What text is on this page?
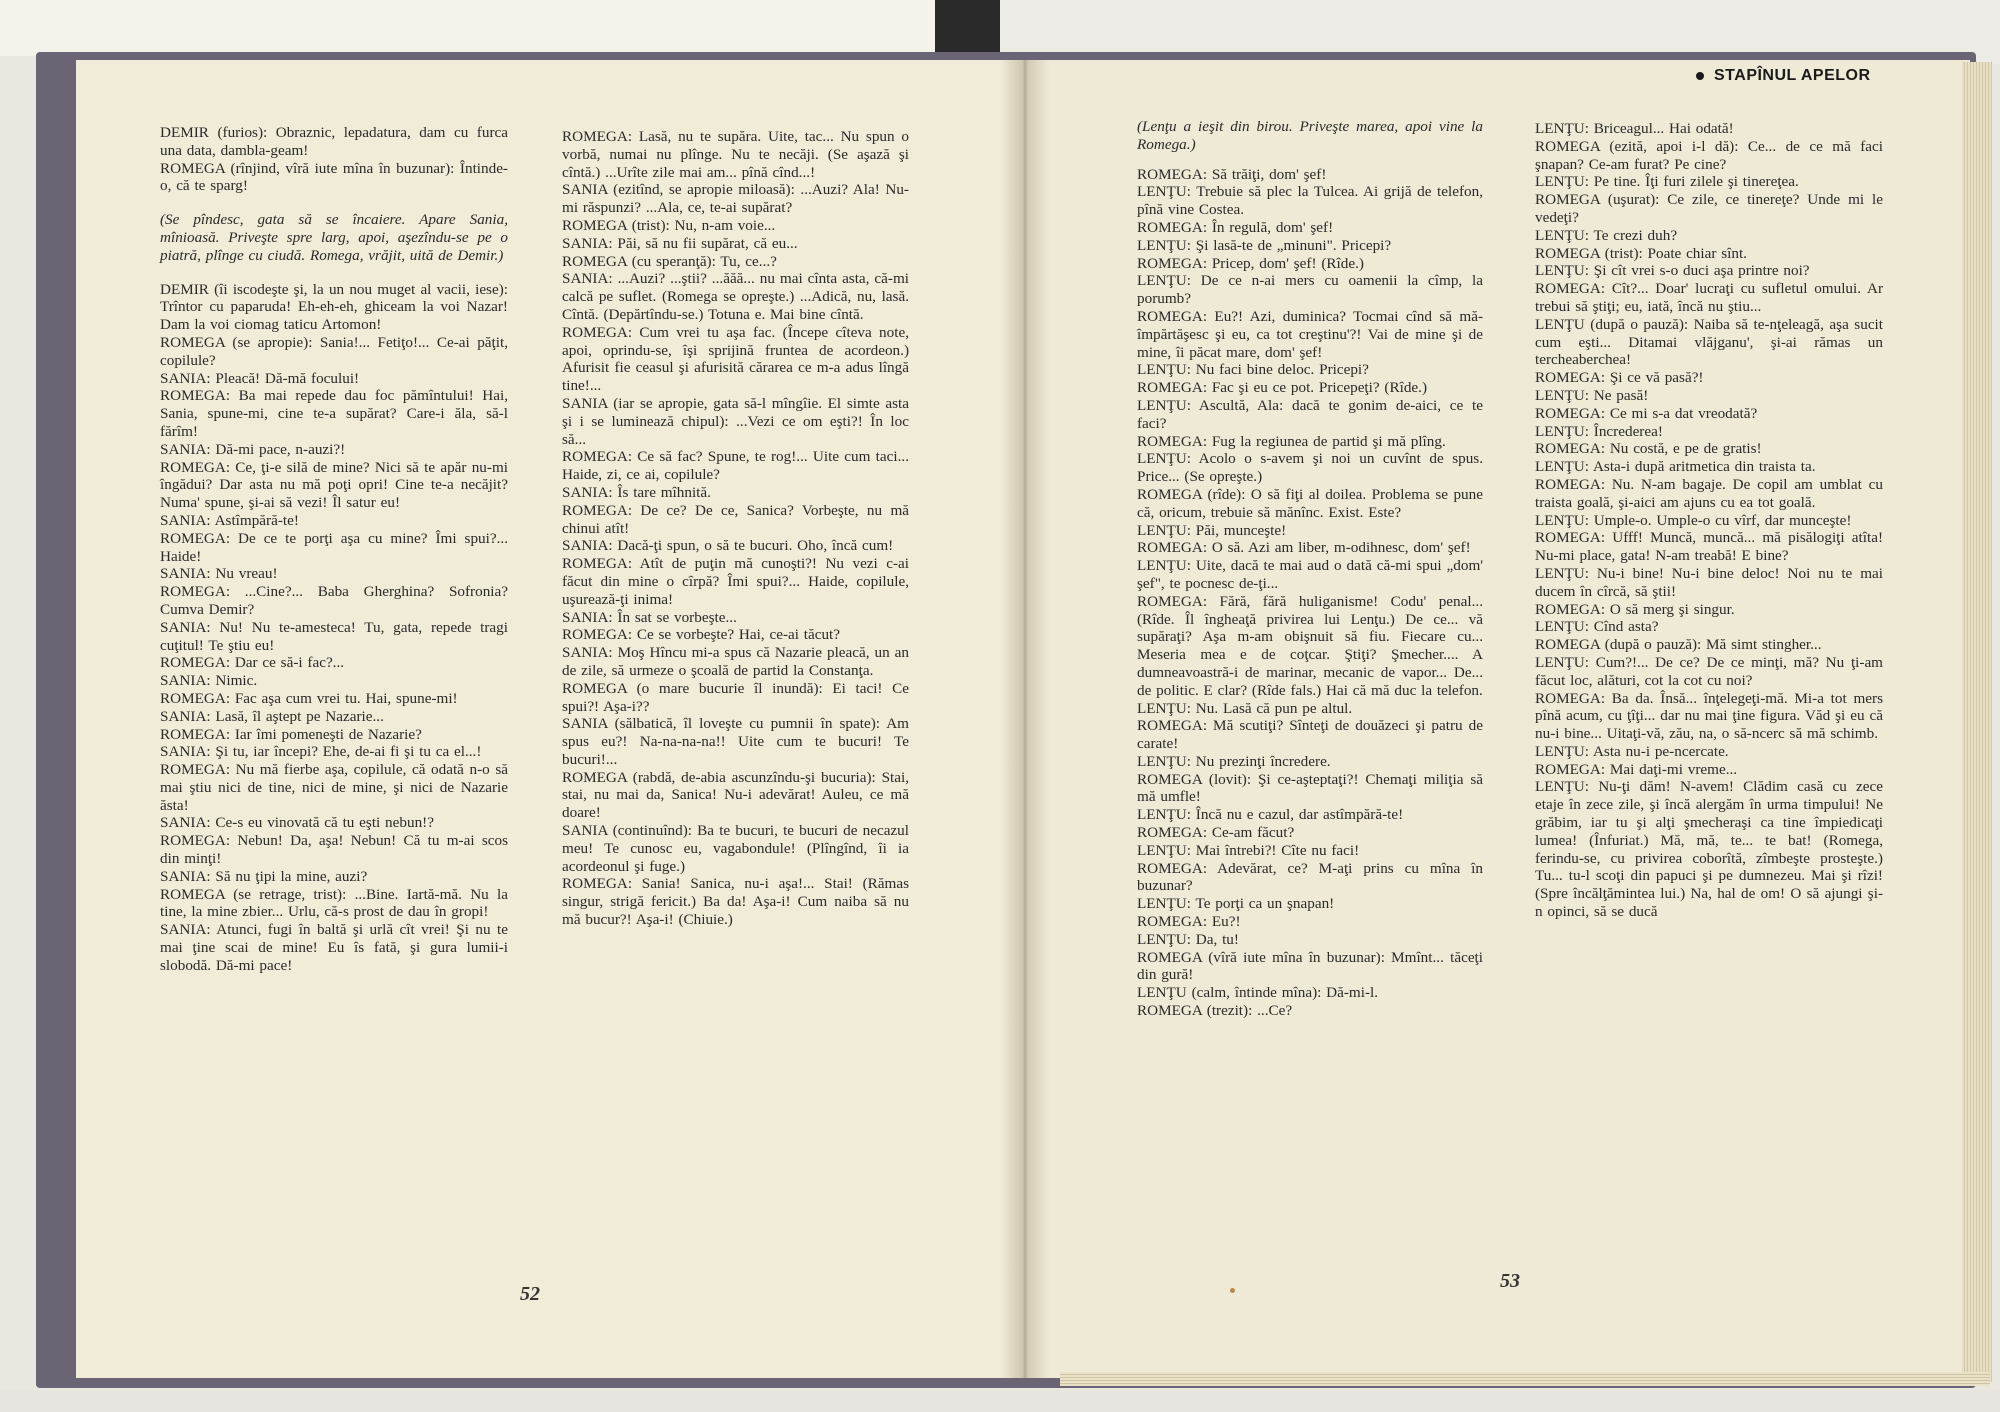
STAPÎNUL APELOR

DEMIR (furios): Obraznic, lepadatura, dam cu furca una data, dambla-geam!

ROMEGA (rînjind, vîră iute mîna în buzunar): Întinde-o, că te sparg!

(Se pîndesc, gata să se încaiere. Apare Sania, mînioasă. Priveşte spre larg, apoi, aşezîndu-se pe o piatră, plînge cu ciudă. Romega, vrăjit, uită de Demir.)

DEMIR (îi iscodeşte şi, la un nou muget al vacii, iese): Trîntor cu paparuda! Eh-eh-eh, ghiceam la voi Nazar! Dam la voi ciomag taticu Artomon!

ROMEGA (se apropie): Sania!... Fetiţo!... Ce-ai păţit, copilule?

SANIA: Pleacă! Dă-mă focului!

ROMEGA: Ba mai repede dau foc pămîntului! Hai, Sania, spune-mi, cine te-a supărat? Care-i ăla, să-l fărîm!

SANIA: Dă-mi pace, n-auzi?!

ROMEGA: Ce, ţi-e silă de mine? Nici să te apăr nu-mi îngădui? Dar asta nu mă poţi opri! Cine te-a necăjit? Numa' spune, şi-ai să vezi! Îl satur eu!

SANIA: Astîmpără-te!

ROMEGA: De ce te porţi aşa cu mine? Îmi spui?... Haide!

SANIA: Nu vreau!

ROMEGA: ...Cine?... Baba Gherghina? Sofronia? Cumva Demir?

SANIA: Nu! Nu te-amesteca! Tu, gata, repede tragi cuţitul! Te ştiu eu!

ROMEGA: Dar ce să-i fac?...

SANIA: Nimic.

ROMEGA: Fac aşa cum vrei tu. Hai, spune-mi!

SANIA: Lasă, îl aştept pe Nazarie...

ROMEGA: Iar îmi pomeneşti de Nazarie?

SANIA: Şi tu, iar începi? Ehe, de-ai fi şi tu ca el...!

ROMEGA: Nu mă fierbe aşa, copilule, că odată n-o să mai ştiu nici de tine, nici de mine, şi nici de Nazarie ăsta!

SANIA: Ce-s eu vinovată că tu eşti nebun!?

ROMEGA: Nebun! Da, aşa! Nebun! Că tu m-ai scos din minţi!

SANIA: Să nu ţipi la mine, auzi?

ROMEGA (se retrage, trist): ...Bine. Iartă-mă. Nu la tine, la mine zbier... Urlu, că-s prost de dau în gropi!

SANIA: Atunci, fugi în baltă şi urlă cît vrei! Şi nu te mai ţine scai de mine! Eu îs fată, şi gura lumii-i slobodă. Dă-mi pace!

ROMEGA: Lasă, nu te supăra. Uite, tac... Nu spun o vorbă, numai nu plînge. Nu te necăji. (Se aşază şi cîntă.) ...Urîte zile mai am... pînă cînd...!

SANIA (ezitînd, se apropie miloasă): ...Auzi? Ala! Nu-mi răspunzi? ...Ala, ce, te-ai supărat?

ROMEGA (trist): Nu, n-am voie...

SANIA: Păi, să nu fii supărat, că eu...

ROMEGA (cu speranţă): Tu, ce...?

SANIA: ...Auzi? ...ştii? ...ăăă... nu mai cînta asta, că-mi calcă pe suflet. (Romega se opreşte.) ...Adică, nu, lasă. Cîntă. (Depărtîndu-se.) Totuna e. Mai bine cîntă.

ROMEGA: Cum vrei tu aşa fac. (Începe cîteva note, apoi, oprindu-se, îşi sprijină fruntea de acordeon.) Afurisit fie ceasul şi afurisită cărarea ce m-a adus lîngă tine!...

SANIA (iar se apropie, gata să-l mîngîie. El simte asta şi i se luminează chipul): ...Vezi ce om eşti?! În loc să...

ROMEGA: Ce să fac? Spune, te rog!... Uite cum taci... Haide, zi, ce ai, copilule?

SANIA: Îs tare mîhnită.

ROMEGA: De ce? De ce, Sanica? Vorbeşte, nu mă chinui atît!

SANIA: Dacă-ţi spun, o să te bucuri. Oho, încă cum!

ROMEGA: Atît de puţin mă cunoşti?! Nu vezi c-ai făcut din mine o cîrpă? Îmi spui?... Haide, copilule, uşurează-ţi inima!

SANIA: În sat se vorbeşte...

ROMEGA: Ce se vorbeşte? Hai, ce-ai tăcut?

SANIA: Moş Hîncu mi-a spus că Nazarie pleacă, un an de zile, să urmeze o şcoală de partid la Constanţa.

ROMEGA (o mare bucurie îl inundă): Ei taci! Ce spui?! Aşa-i??

SANIA (sălbatică, îl loveşte cu pumnii în spate): Am spus eu?! Na-na-na-na!! Uite cum te bucuri! Te bucuri!...

ROMEGA (rabdă, de-abia ascunzîndu-şi bucuria): Stai, stai, nu mai da, Sanica! Nu-i adevărat! Auleu, ce mă doare!

SANIA (continuînd): Ba te bucuri, te bucuri de necazul meu! Te cunosc eu, vagabondule! (Plîngînd, îi ia acordeonul şi fuge.)

ROMEGA: Sania! Sanica, nu-i aşa!... Stai! (Rămas singur, strigă fericit.) Ba da! Aşa-i! Cum naiba să nu mă bucur?! Aşa-i! (Chiuie.)

(Lenţu a ieşit din birou. Priveşte marea, apoi vine la Romega.)

ROMEGA: Să trăiţi, dom' şef!

LENŢU: Trebuie să plec la Tulcea. Ai grijă de telefon, pînă vine Costea.

ROMEGA: În regulă, dom' şef!

LENŢU: Şi lasă-te de „minuni". Pricepi?

ROMEGA: Pricep, dom' şef! (Rîde.)

LENŢU: De ce n-ai mers cu oamenii la cîmp, la porumb?

ROMEGA: Eu?! Azi, duminica? Tocmai cînd să mă-împărtăşesc şi eu, ca tot creştinu'?! Vai de mine şi de mine, îi păcat mare, dom' şef!

LENŢU: Nu faci bine deloc. Pricepi?

ROMEGA: Fac şi eu ce pot. Pricepeţi? (Rîde.)

LENŢU: Ascultă, Ala: dacă te gonim de-aici, ce te faci?

ROMEGA: Fug la regiunea de partid şi mă plîng.

LENŢU: Acolo o s-avem şi noi un cuvînt de spus. Price... (Se opreşte.)

ROMEGA (rîde): O să fiţi al doilea. Problema se pune că, oricum, trebuie să mănînc. Exist. Este?

LENŢU: Păi, munceşte!

ROMEGA: O să. Azi am liber, m-odihnesc, dom' şef!

LENŢU: Uite, dacă te mai aud o dată că-mi spui „dom' şef", te pocnesc de-ţi...

ROMEGA: Fără, fără huliganisme! Codu' penal... (Rîde. Îl îngheaţă privirea lui Lenţu.) De ce... vă supăraţi? Aşa m-am obişnuit să fiu. Fiecare cu... Meseria mea e de coţcar. Ştiţi? Şmecher.... A dumneavoastră-i de marinar, mecanic de vapor... De... de politic. E clar? (Rîde fals.) Hai că mă duc la telefon.

LENŢU: Nu. Lasă că pun pe altul.

ROMEGA: Mă scutiţi? Sînteţi de douăzeci şi patru de carate!

LENŢU: Nu prezinţi încredere.

ROMEGA (lovit): Şi ce-aşteptaţi?! Chemaţi miliţia să mă umfle!

LENŢU: Încă nu e cazul, dar astîmpără-te!

ROMEGA: Ce-am făcut?

LENŢU: Mai întrebi?! Cîte nu faci!

ROMEGA: Adevărat, ce? M-aţi prins cu mîna în buzunar?

LENŢU: Te porţi ca un şnapan!

ROMEGA: Eu?!

LENŢU: Da, tu!

ROMEGA (vîră iute mîna în buzunar): Mmînt... tăceţi din gură!

LENŢU (calm, întinde mîna): Dă-mi-l.

ROMEGA (trezit): ...Ce?

LENŢU: Briceagul... Hai odată!

ROMEGA (ezită, apoi i-l dă): Ce... de ce mă faci şnapan? Ce-am furat? Pe cine?

LENŢU: Pe tine. Îţi furi zilele şi tinereţea.

ROMEGA (uşurat): Ce zile, ce tinereţe? Unde mi le vedeţi?

LENŢU: Te crezi duh?

ROMEGA (trist): Poate chiar sînt.

LENŢU: Şi cît vrei s-o duci aşa printre noi?

ROMEGA: Cît?... Doar' lucraţi cu sufletul omului. Ar trebui să ştiţi; eu, iată, încă nu ştiu...

LENŢU (după o pauză): Naiba să te-nţeleagă, aşa sucit cum eşti... Ditamai vlăjganu', şi-ai rămas un tercheaberchea!

ROMEGA: Şi ce vă pasă?!

LENŢU: Ne pasă!

ROMEGA: Ce mi s-a dat vreodată?

LENŢU: Încrederea!

ROMEGA: Nu costă, e pe de gratis!

LENŢU: Asta-i după aritmetica din traista ta.

ROMEGA: Nu. N-am bagaje. De copil am umblat cu traista goală, şi-aici am ajuns cu ea tot goală.

LENŢU: Umple-o. Umple-o cu vîrf, dar munceşte!

ROMEGA: Ufff! Muncă, muncă... mă pisălogiţi atîta! Nu-mi place, gata! N-am treabă! E bine?

LENŢU: Nu-i bine! Nu-i bine deloc! Noi nu te mai ducem în cîrcă, să ştii!

ROMEGA: O să merg şi singur.

LENŢU: Cînd asta?

ROMEGA (după o pauză): Mă simt stingher...

LENŢU: Cum?!... De ce? De ce minţi, mă? Nu ţi-am făcut loc, alături, cot la cot cu noi?

ROMEGA: Ba da. Însă... înţelegeţi-mă. Mi-a tot mers pînă acum, cu ţîţi... dar nu mai ţine figura. Văd şi eu că nu-i bine... Uitaţi-vă, zău, na, o să-ncerc să mă schimb.

LENŢU: Asta nu-i pe-ncercate.

ROMEGA: Mai daţi-mi vreme...

LENŢU: Nu-ţi dăm! N-avem! Clădim casă cu zece etaje în zece zile, şi încă alergăm în urma timpului! Ne grăbim, iar tu şi alţi şmecheraşi ca tine împiedicaţi lumea! (Înfuriat.) Mă, mă, te... te bat! (Romega, ferindu-se, cu privirea coborîtă, zîmbeşte prosteşte.) Tu... tu-l scoţi din papuci şi pe dumnezeu. Mai şi rîzi! (Spre încălţămintea lui.) Na, hal de om! O să ajungi şi-n opinci, să se ducă

52
53
